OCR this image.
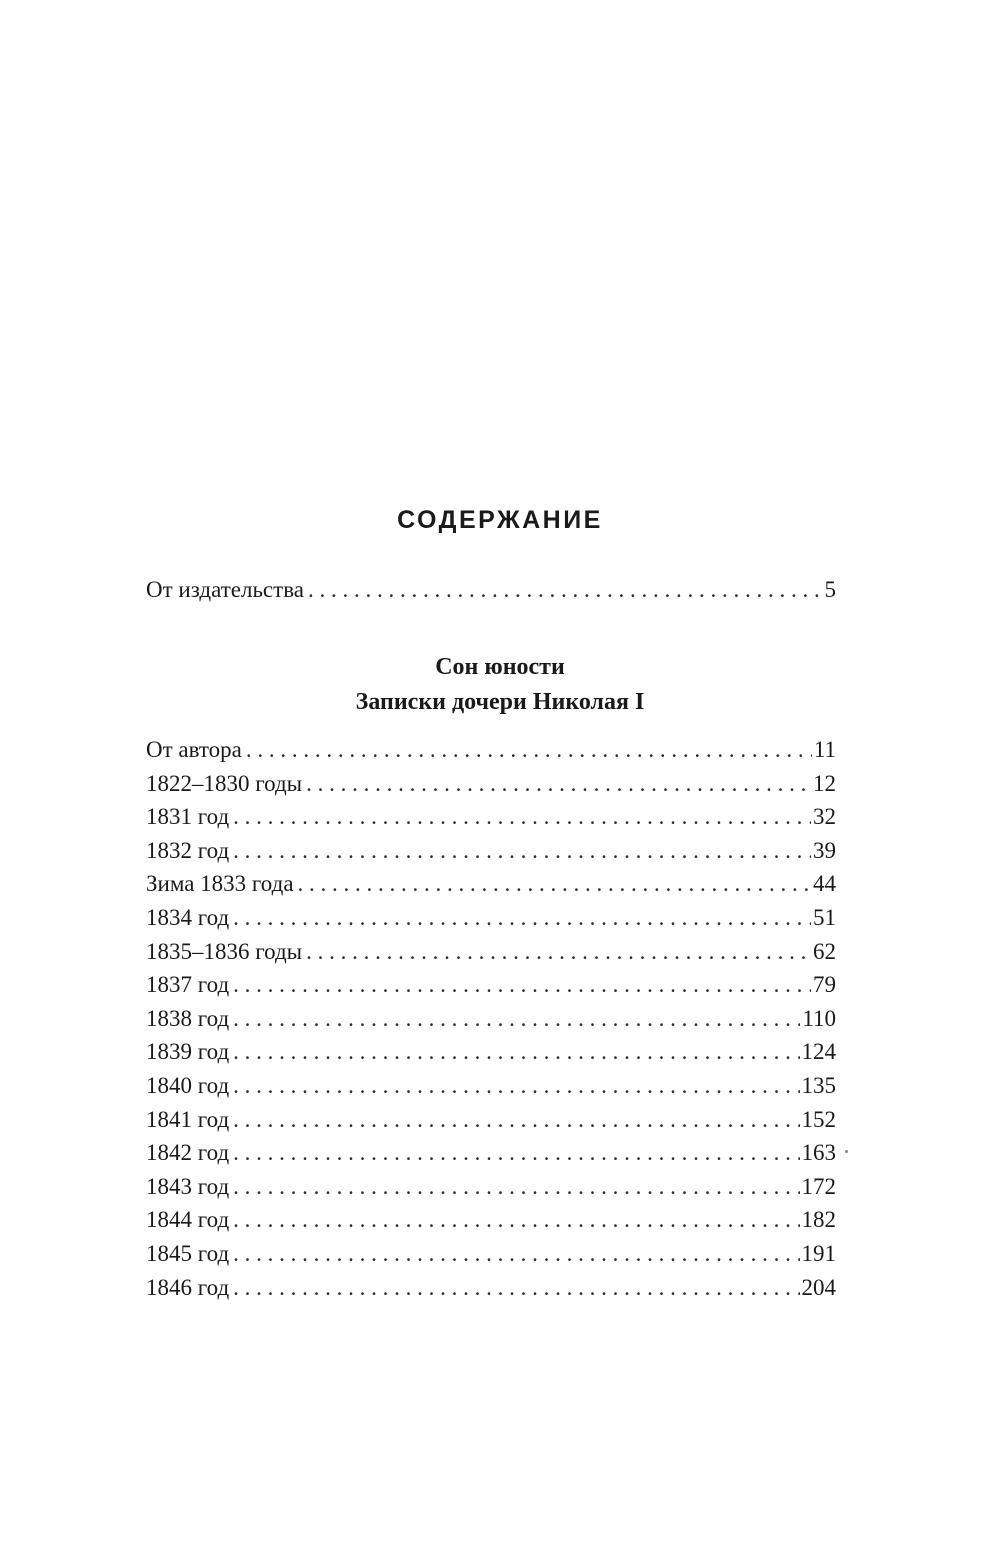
СОДЕРЖАНИЕ
От издательства . . .	5
Сон юности
Записки дочери Николая I
От автора . . .	11
1822–1830 годы . . .	12
1831 год . . .	32
1832 год . . .	39
Зима 1833 года . . .	44
1834 год . . .	51
1835–1836 годы . . .	62
1837 год . . .	79
1838 год . . .	110
1839 год . . .	124
1840 год . . .	135
1841 год . . .	152
1842 год . . .	163
1843 год . . .	172
1844 год . . .	182
1845 год . . .	191
1846 год . . .	204
